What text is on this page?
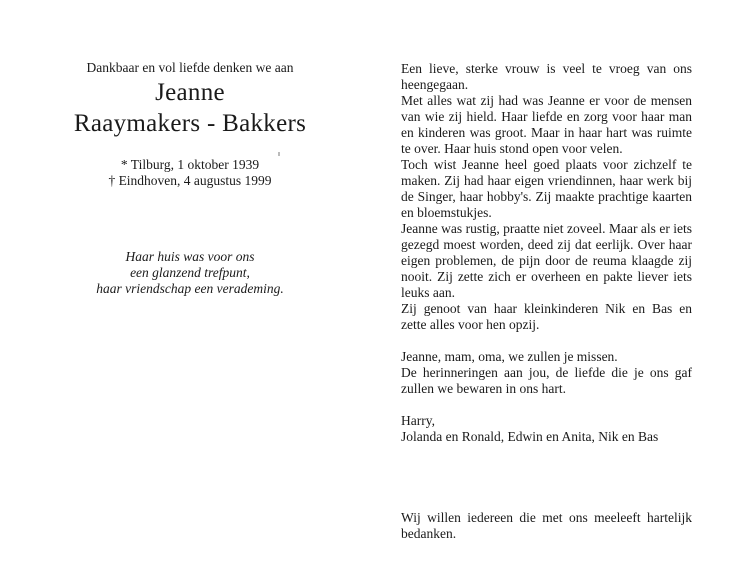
Dankbaar en vol liefde denken we aan

Jeanne
Raaymakers - Bakkers
* Tilburg, 1 oktober 1939
† Eindhoven, 4 augustus 1999
Haar huis was voor ons
een glanzend trefpunt,
haar vriendschap een verademing.

Een lieve, sterke vrouw is veel te vroeg van ons heengegaan.

Met alles wat zij had was Jeanne er voor de mensen van wie zij hield. Haar liefde en zorg voor haar man en kinderen was groot. Maar in haar hart was ruimte te over. Haar huis stond open voor velen.

Toch wist Jeanne heel goed plaats voor zichzelf te maken. Zij had haar eigen vriendinnen, haar werk bij de Singer, haar hobby's. Zij maakte prachtige kaarten en bloemstukjes.

Jeanne was rustig, praatte niet zoveel. Maar als er iets gezegd moest worden, deed zij dat eerlijk. Over haar eigen problemen, de pijn door de reuma klaagde zij nooit. Zij zette zich er overheen en pakte liever iets leuks aan.

Zij genoot van haar kleinkinderen Nik en Bas en zette alles voor hen opzij.

Jeanne, mam, oma, we zullen je missen.

De herinneringen aan jou, de liefde die je ons gaf zullen we bewaren in ons hart.

Harry,

Jolanda en Ronald, Edwin en Anita, Nik en Bas

Wij willen iedereen die met ons meeleeft hartelijk bedanken.
